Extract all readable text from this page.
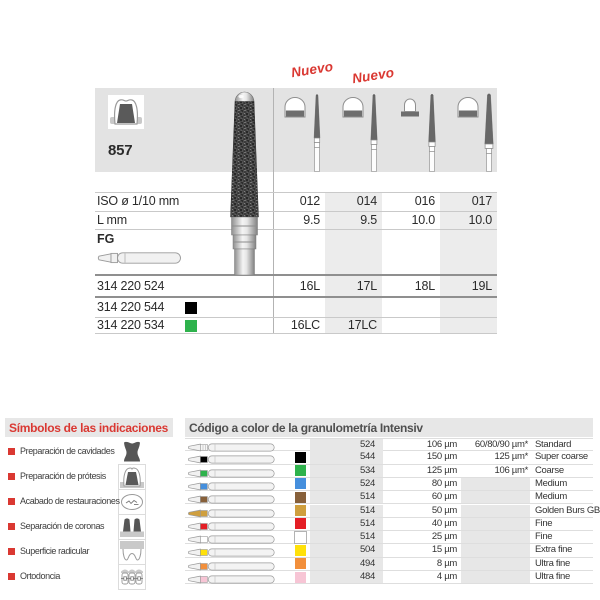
857
ISO ø 1/10 mm	012	014	016	017
L mm	9.5	9.5	10.0	10.0
FG
314 220 524	16L	17L	18L	19L
314 220 544
314 220 534	16LC	17LC
Nuevo Nuevo
Símbolos de las indicaciones
Preparación de cavidades
Preparación de prótesis
Acabado de restauraciones
Separación de coronas
Superficie radicular
Ortodoncia
Código a color de la granulometría Intensiv
524	106 µm	60/80/90 µm* Standard
544	150 µm	125 µm* Super coarse
534	125 µm	106 µm* Coarse
524	80 µm	Medium
514	60 µm	Medium
514	50 µm	Golden Burs GB
514	40 µm	Fine
514	25 µm	Fine
504	15 µm	Extra fine
494	8 µm	Ultra fine
484	4 µm	Ultra fine
